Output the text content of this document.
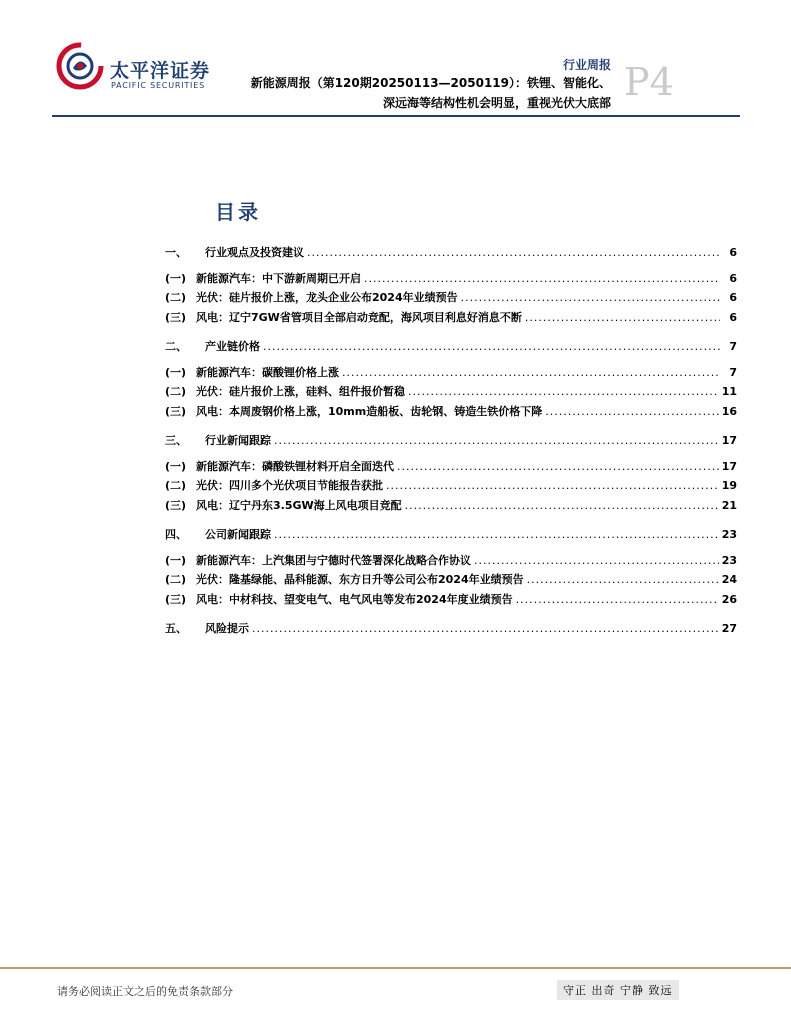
太平洋证券
PACIFIC SECURITIES
行业周报
新能源周报（第120期20250113—2050119）：铁锂、智能化、
深远海等结构性机会明显，重视光伏大底部 P4
目录
一、	行业观点及投资建议 .....	6
(一) 新能源汽车：中下游新周期已开启 .....	6
(二) 光伏：硅片报价上涨，龙头企业公布2024年业绩预告 .....	6
(三) 风电：辽宁7GW省管项目全部启动竞配，海风项目利息好消息不断 .....	6
二、	产业链价格 .....	7
(一) 新能源汽车：碳酸锂价格上涨 .....	7
(二) 光伏：硅片报价上涨，硅料、组件报价暂稳 .....	11
(三) 风电：本周废钢价格上涨，10mm造船板、齿轮钢、铸造生铁价格下降 .....	16
三、	行业新闻跟踪 .....	17
(一) 新能源汽车：磷酸铁锂材料开启全面迭代 .....	17
(二) 光伏：四川多个光伏项目节能报告获批 .....	19
(三) 风电：辽宁丹东3.5GW海上风电项目竞配 .....	21
四、	公司新闻跟踪 .....	23
(一) 新能源汽车：上汽集团与宁德时代签署深化战略合作协议 .....	23
(二) 光伏：隆基绿能、晶科能源、东方日升等公司公布2024年业绩预告 .....	24
(三) 风电：中材科技、望变电气、电气风电等发布2024年度业绩预告 .....	26
五、	风险提示 .....	27
请务必阅读正文之后的免责条款部分	守正 出奇 宁静 致远
